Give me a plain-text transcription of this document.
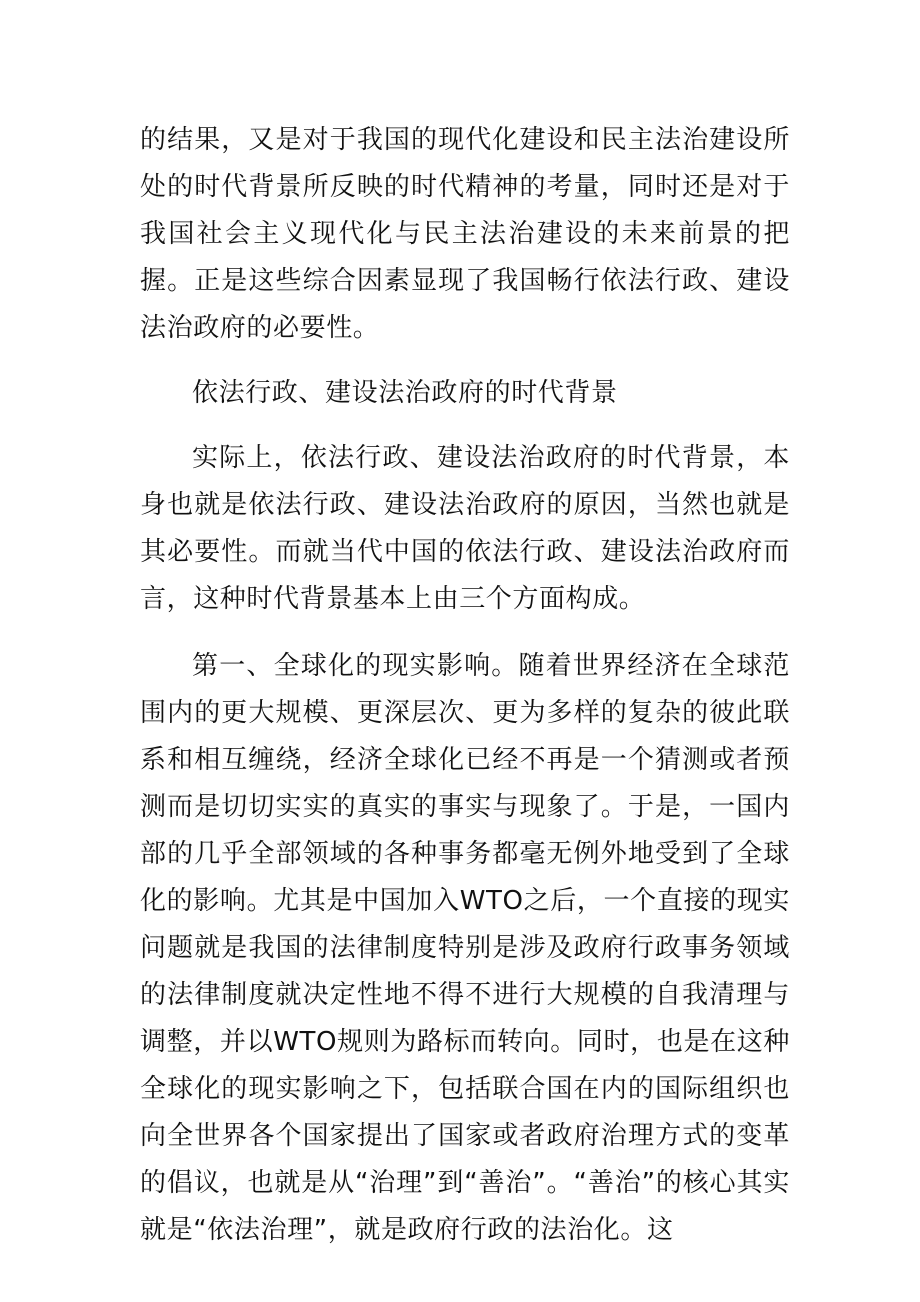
的结果，又是对于我国的现代化建设和民主法治建设所处的时代背景所反映的时代精神的考量，同时还是对于我国社会主义现代化与民主法治建设的未来前景的把握。正是这些综合因素显现了我国畅行依法行政、建设法治政府的必要性。

依法行政、建设法治政府的时代背景

实际上，依法行政、建设法治政府的时代背景，本身也就是依法行政、建设法治政府的原因，当然也就是其必要性。而就当代中国的依法行政、建设法治政府而言，这种时代背景基本上由三个方面构成。

第一、全球化的现实影响。随着世界经济在全球范围内的更大规模、更深层次、更为多样的复杂的彼此联系和相互缠绕，经济全球化已经不再是一个猜测或者预测而是切切实实的真实的事实与现象了。于是，一国内部的几乎全部领域的各种事务都毫无例外地受到了全球化的影响。尤其是中国加入WTO之后，一个直接的现实问题就是我国的法律制度特别是涉及政府行政事务领域的法律制度就决定性地不得不进行大规模的自我清理与调整，并以WTO规则为路标而转向。同时，也是在这种全球化的现实影响之下，包括联合国在内的国际组织也向全世界各个国家提出了国家或者政府治理方式的变革的倡议，也就是从“治理”到“善治”。“善治”的核心其实就是“依法治理”，就是政府行政的法治化。这
